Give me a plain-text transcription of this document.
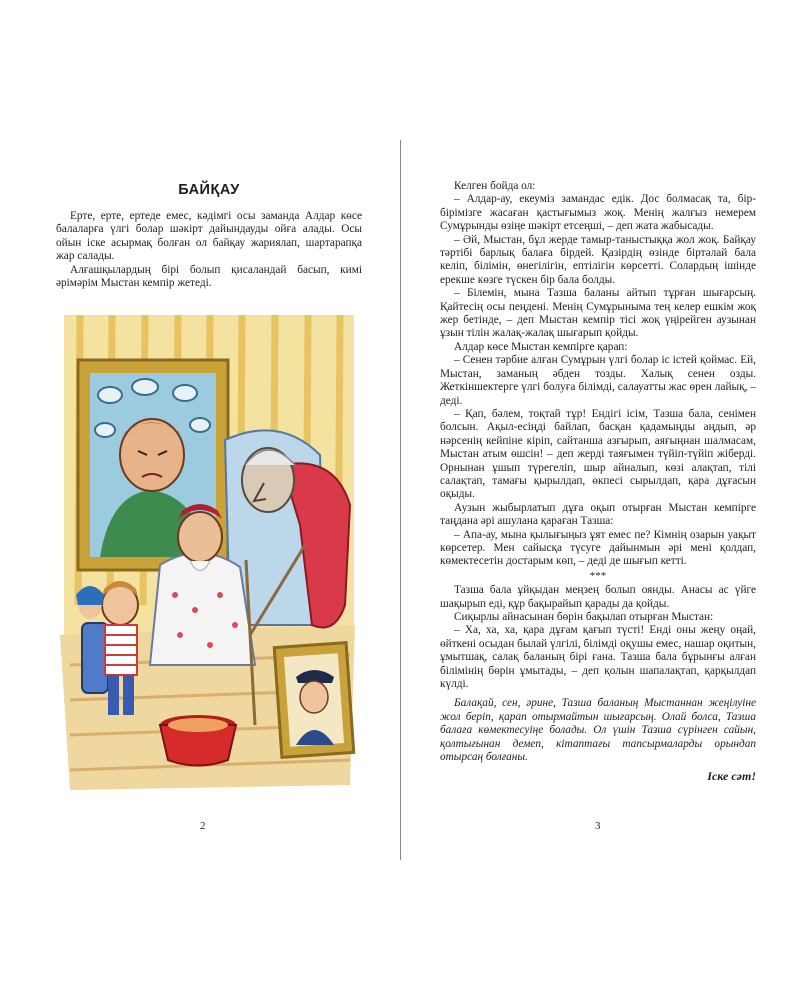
БАЙҚАУ

Ерте, ерте, ертеде емес, кәдімгі осы заманда Алдар көсе балаларға үлгі болар шәкірт дайындауды ойға алады. Осы ойын іске асырмақ болған ол байқау жариялап, шартарапқа жар салады.

Алғашқылардың бірі болып қисаландай басып, кимі әрімәрім Мыстан кемпір жетеді.

2

Келген бойда ол:

– Алдар-ау, екеуміз замандас едік. Дос болмасақ та, бір-бірімізге жасаған қастығымыз жоқ. Менің жалғыз немерем Сумұрынды өзіңе шәкірт етсеңші, – деп жата жабысады.

– Әй, Мыстан, бұл жерде тамыр-таныстыққа жол жоқ. Байқау тәртібі барлық балаға бірдей. Қазірдің өзінде біртәлай бала келіп, білімін, өнегілігін, ептілігін көрсетті. Солардың ішінде ерекше көзге түскен бір бала болды.

– Білемін, мына Тазша баланы айтып тұрған шығарсың. Қайтесің осы пеңдені. Менің Сумұрыныма тең келер ешкім жоқ жер бетінде, – деп Мыстан кемпір тісі жоқ үңірейген аузынан ұзын тілін жалақ-жалақ шығарып қойды.

Алдар көсе Мыстан кемпірге қарап:

– Сенен тәрбие алған Сумұрын үлгі болар іс істей қоймас. Ей, Мыстан, заманың әбден тозды. Халық сенен озды. Жеткіншектерге үлгі болуға білімді, салауатты жас өрен лайық, – деді.

– Қап, бәлем, тоқтай тұр! Ендігі ісім, Тазша бала, сенімен болсын. Ақыл-есіңді байлап, басқан қадамыңды аңдып, әр нәрсенің кейпіне кіріп, сайтанша азғырып, аяғыңнан шалмасам, Мыстан атым өшсін! – деп жерді таяғымен түйіп-түйіп жіберді. Орнынан ұшып түрегеліп, шыр айналып, көзі алақтап, тілі салақтап, тамағы қырылдап, өкпесі сырылдап, қара дұғасын оқыды.

Аузын жыбырлатып дұға оқып отырған Мыстан кемпірге таңдана әрі ашулана қараған Тазша:

– Апа-ау, мына қылығыңыз ұят емес пе? Кімнің озарын уақыт көрсетер. Мен сайысқа түсуге дайынмын әрі мені қолдап, көмектесетін достарым көп, – деді де шығып кетті.

***

Тазша бала ұйқыдан меңзең болып оянды. Анасы ас үйге шақырып еді, құр бақырайып қарады да қойды.

Сиқырлы айнасынан бөрін бақылап отырған Мыстан:

– Ха, ха, ха, қара дұғам қағып түсті! Енді оны жеңу оңай, өйткені осыдан былай үлгілі, білімді оқушы емес, нашар оқитын, ұмытшақ, салақ баланың бірі ғана. Тазша бала бұрынғы алған білімінің бөрін ұмытады, – деп қолын шапалақтап, қарқылдап күлді.

Балақай, сен, әрине, Тазша баланың Мыстаннан жеңілуіне жол беріп, қарап отырмайтын шығарсың. Олай болса, Тазша балаға көмектесуіңе болады. Ол үшін Тазша сүрінген сайын, қолтығынан демеп, кітаптағы тапсырмаларды орындап отырсаң болғаны.

Іске сәт!

3
